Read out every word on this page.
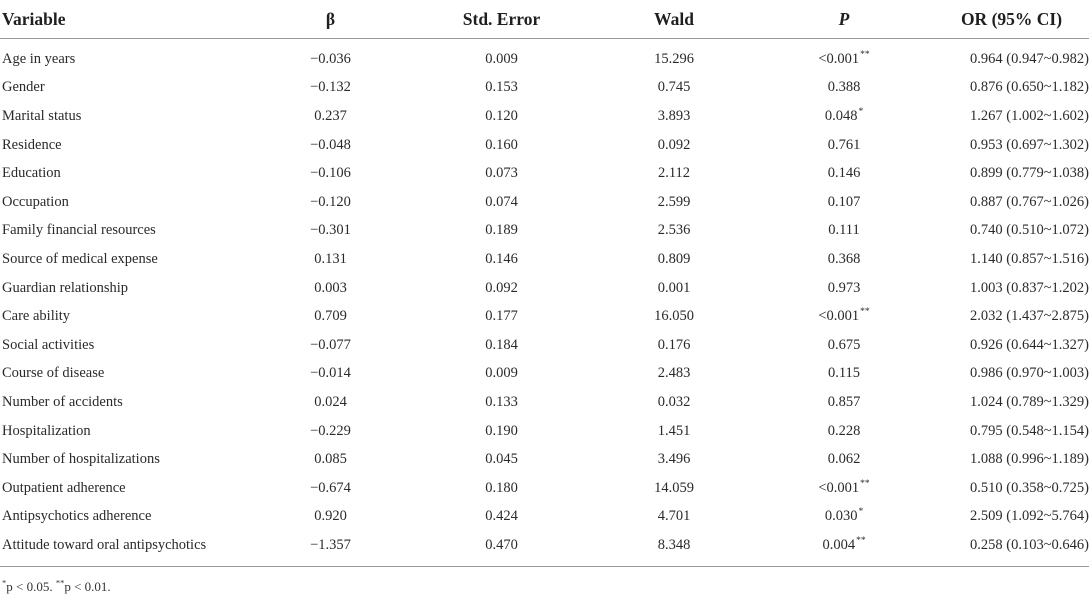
Variable	β	Std. Error	Wald	P	OR (95% CI)
Age in years	−0.036	0.009	15.296	<0.001**	0.964 (0.947~0.982)
Gender	−0.132	0.153	0.745	0.388	0.876 (0.650~1.182)
Marital status	0.237	0.120	3.893	0.048*	1.267 (1.002~1.602)
Residence	−0.048	0.160	0.092	0.761	0.953 (0.697~1.302)
Education	−0.106	0.073	2.112	0.146	0.899 (0.779~1.038)
Occupation	−0.120	0.074	2.599	0.107	0.887 (0.767~1.026)
Family financial resources	−0.301	0.189	2.536	0.111	0.740 (0.510~1.072)
Source of medical expense	0.131	0.146	0.809	0.368	1.140 (0.857~1.516)
Guardian relationship	0.003	0.092	0.001	0.973	1.003 (0.837~1.202)
Care ability	0.709	0.177	16.050	<0.001**	2.032 (1.437~2.875)
Social activities	−0.077	0.184	0.176	0.675	0.926 (0.644~1.327)
Course of disease	−0.014	0.009	2.483	0.115	0.986 (0.970~1.003)
Number of accidents	0.024	0.133	0.032	0.857	1.024 (0.789~1.329)
Hospitalization	−0.229	0.190	1.451	0.228	0.795 (0.548~1.154)
Number of hospitalizations	0.085	0.045	3.496	0.062	1.088 (0.996~1.189)
Outpatient adherence	−0.674	0.180	14.059	<0.001**	0.510 (0.358~0.725)
Antipsychotics adherence	0.920	0.424	4.701	0.030*	2.509 (1.092~5.764)
Attitude toward oral antipsychotics	−1.357	0.470	8.348	0.004**	0.258 (0.103~0.646)
*p < 0.05. **p < 0.01.
